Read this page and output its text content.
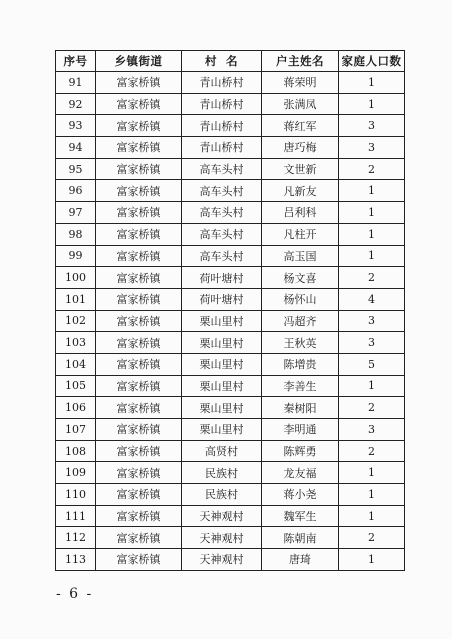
序号	乡镇街道	村  名	户主姓名	家庭人口数
91	富家桥镇	青山桥村	蒋荣明	1
92	富家桥镇	青山桥村	张满凤	1
93	富家桥镇	青山桥村	蒋红军	3
94	富家桥镇	青山桥村	唐巧梅	3
95	富家桥镇	高车头村	文世新	2
96	富家桥镇	高车头村	凡新友	1
97	富家桥镇	高车头村	吕利科	1
98	富家桥镇	高车头村	凡柱开	1
99	富家桥镇	高车头村	高玉国	1
100	富家桥镇	荷叶塘村	杨文喜	2
101	富家桥镇	荷叶塘村	杨怀山	4
102	富家桥镇	栗山里村	冯超齐	3
103	富家桥镇	栗山里村	王秋英	3
104	富家桥镇	栗山里村	陈增贵	5
105	富家桥镇	栗山里村	李善生	1
106	富家桥镇	栗山里村	秦树阳	2
107	富家桥镇	栗山里村	李明通	3
108	富家桥镇	高贤村	陈辉勇	2
109	富家桥镇	民族村	龙友福	1
110	富家桥镇	民族村	蒋小尧	1
111	富家桥镇	天神观村	魏军生	1
112	富家桥镇	天神观村	陈朝南	2
113	富家桥镇	天神观村	唐琦	1
- 6 -
